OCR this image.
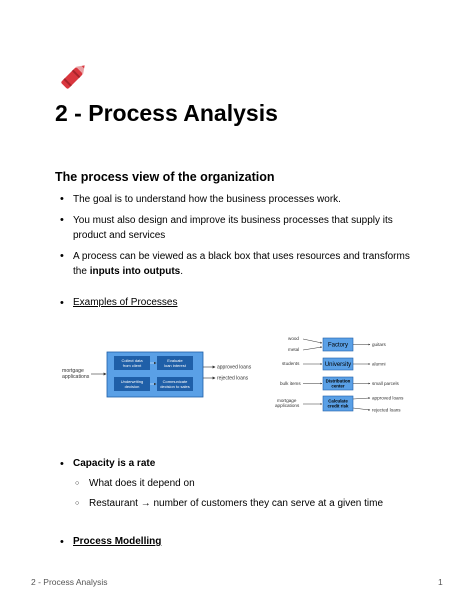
2 - Process Analysis
The process view of the organization
• The goal is to understand how the business processes work.
• You must also design and improve its business processes that supply its product and services
• A process can be viewed as a black box that uses resources and transforms the inputs into outputs.
• Examples of Processes
mortgage applications
Collect data from client
Evaluate loan interest
Underwriting decision
Communicate decision to sales
approved loans
rejected loans
wood
metal
Factory	guitars
students	University	alumni
bulk items	Distribution center	small parcels
mortgage applications
Calculate credit risk
approved loans
rejected loans
• Capacity is a rate
○ What does it depend on
○ Restaurant → number of customers they can serve at a given time
• Process Modelling
2 - Process Analysis	1
